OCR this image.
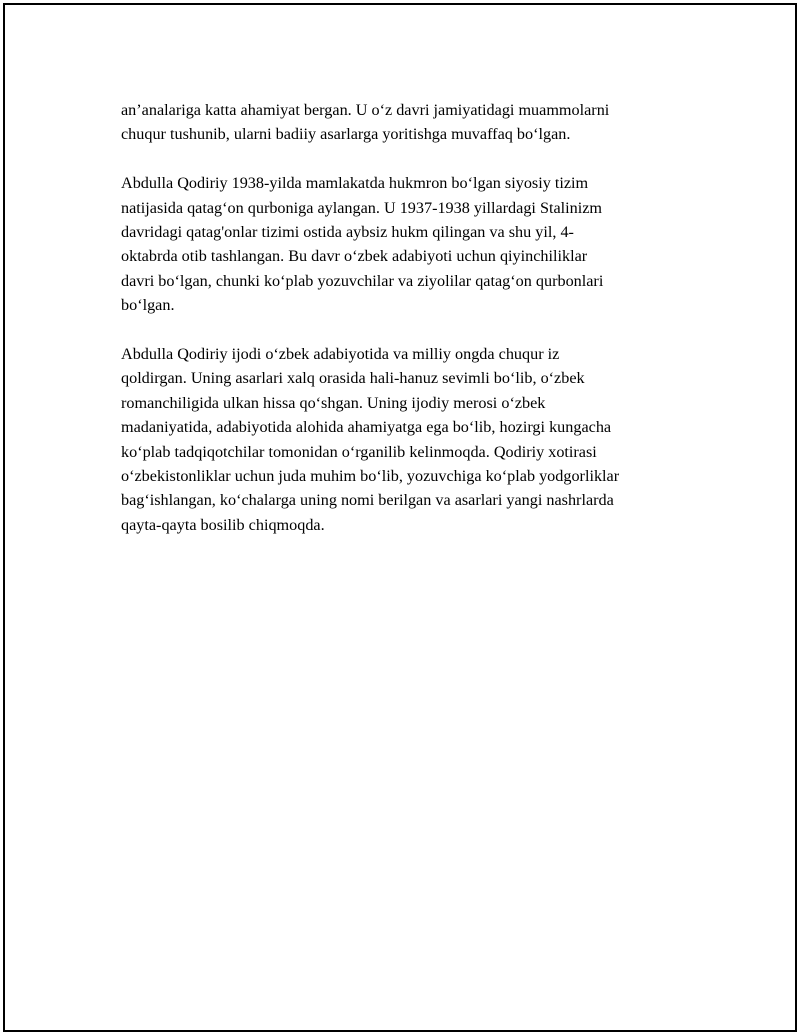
an’analariga katta ahamiyat bergan. U o‘z davri jamiyatidagi muammolarni
chuqur tushunib, ularni badiiy asarlarga yoritishga muvaffaq bo‘lgan.

Abdulla Qodiriy 1938-yilda mamlakatda hukmron bo‘lgan siyosiy tizim
natijasida qatag‘on qurboniga aylangan. U 1937-1938 yillardagi Stalinizm
davridagi qatag'onlar tizimi ostida aybsiz hukm qilingan va shu yil, 4-
oktabrda otib tashlangan. Bu davr o‘zbek adabiyoti uchun qiyinchiliklar
davri bo‘lgan, chunki ko‘plab yozuvchilar va ziyolilar qatag‘on qurbonlari
bo‘lgan.

Abdulla Qodiriy ijodi o‘zbek adabiyotida va milliy ongda chuqur iz
qoldirgan. Uning asarlari xalq orasida hali-hanuz sevimli bo‘lib, o‘zbek
romanchiligida ulkan hissa qo‘shgan. Uning ijodiy merosi o‘zbek
madaniyatida, adabiyotida alohida ahamiyatga ega bo‘lib, hozirgi kungacha
ko‘plab tadqiqotchilar tomonidan o‘rganilib kelinmoqda. Qodiriy xotirasi
o‘zbekistonliklar uchun juda muhim bo‘lib, yozuvchiga ko‘plab yodgorliklar
bag‘ishlangan, ko‘chalarga uning nomi berilgan va asarlari yangi nashrlarda
qayta-qayta bosilib chiqmoqda.
